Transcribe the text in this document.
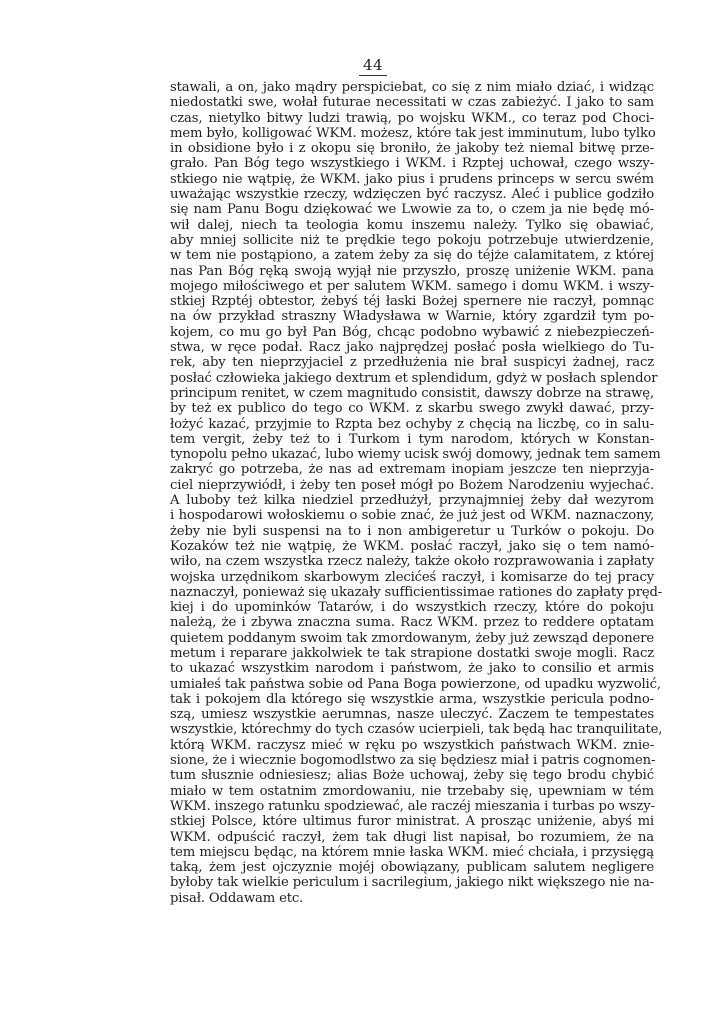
44
stawali, a on, jako mądry perspiciebat, co się z nim miało dziać, i widząc
niedostatki swe, wołał futurae necessitati w czas zabieżyć. I jako to sam
czas, nietylko bitwy ludzi trawią, po wojsku WKM., co teraz pod Choci-
mem było, kolligować WKM. możesz, które tak jest imminutum, lubo tylko
in obsidione było i z okopu się broniło, że jakoby też niemal bitwę prze-
grało. Pan Bóg tego wszystkiego i WKM. i Rzptej uchował, czego wszy-
stkiego nie wątpię, że WKM. jako pius i prudens princeps w sercu swém
uważając wszystkie rzeczy, wdzięczen być raczysz. Aleć i publice godziło
się nam Panu Bogu dziękować we Lwowie za to, o czem ja nie będę mó-
wił dalej, niech ta teologia komu inszemu należy. Tylko się obawiać,
aby mniej sollicite niż te prędkie tego pokoju potrzebuje utwierdzenie,
w tem nie postąpiono, a zatem żeby za się do téjże calamitatem, z której
nas Pan Bóg ręką swoją wyjął nie przyszło, proszę uniżenie WKM. pana
mojego miłościwego et per salutem WKM. samego i domu WKM. i wszy-
stkiej Rzptéj obtestor, żebyś téj łaski Bożej spernere nie raczył, pomnąc
na ów przykład straszny Władysława w Warnie, który zgardził tym po-
kojem, co mu go był Pan Bóg, chcąc podobno wybawić z niebezpieczeń-
stwa, w ręce podał. Racz jako najprędzej posłać posła wielkiego do Tu-
rek, aby ten nieprzyjaciel z przedłużenia nie brał suspicyi żadnej, racz
posłać człowieka jakiego dextrum et splendidum, gdyż w posłach splendor
principum renitet, w czem magnitudo consistit, dawszy dobrze na strawę,
by też ex publico do tego co WKM. z skarbu swego zwykł dawać, przy-
łożyć kazać, przyjmie to Rzpta bez ochyby z chęcią na liczbę, co in salu-
tem vergit, żeby też to i Turkom i tym narodom, których w Konstan-
tynopolu pełno ukazać, lubo wiemy ucisk swój domowy, jednak tem samem
zakryć go potrzeba, że nas ad extremam inopiam jeszcze ten nieprzyja-
ciel nieprzywiódł, i żeby ten poseł mógł po Bożem Narodzeniu wyjechać.
A luboby też kilka niedziel przedłużył, przynajmniej żeby dał wezyrom
i hospodarowi wołoskiemu o sobie znać, że już jest od WKM. naznaczony,
żeby nie byli suspensi na to i non ambigeretur u Turków o pokoju. Do
Kozaków też nie wątpię, że WKM. posłać raczył, jako się o tem namó-
wiło, na czem wszystka rzecz należy, także około rozprawowania i zapłaty
wojska urzędnikom skarbowym zlecićeś raczył, i komisarze do tej pracy
naznaczył, ponieważ się ukazały sufficientissimae rationes do zapłaty pręd-
kiej i do upominków Tatarów, i do wszystkich rzeczy, które do pokoju
należą, że i zbywa znaczna suma. Racz WKM. przez to reddere optatam
quietem poddanym swoim tak zmordowanym, żeby już zewsząd deponere
metum i reparare jakkolwiek te tak strapione dostatki swoje mogli. Racz
to ukazać wszystkim narodom i państwom, że jako to consilio et armis
umiałeś tak państwa sobie od Pana Boga powierzone, od upadku wyzwolić,
tak i pokojem dla którego się wszystkie arma, wszystkie pericula podno-
szą, umiesz wszystkie aerumnas, nasze uleczyć. Zaczem te tempestates
wszystkie, którechmy do tych czasów ucierpieli, tak będą hac tranquilitate,
którą WKM. raczysz mieć w ręku po wszystkich państwach WKM. znie-
sione, że i wiecznie bogomodlstwo za się będziesz miał i patris cognomen-
tum słusznie odniesiesz; alias Boże uchowaj, żeby się tego brodu chybić
miało w tem ostatnim zmordowaniu, nie trzebaby się, upewniam w tém
WKM. inszego ratunku spodziewać, ale raczéj mieszania i turbas po wszy-
stkiej Polsce, które ultimus furor ministrat. A prosząc uniżenie, abyś mi
WKM. odpuścić raczył, żem tak długi list napisał, bo rozumiem, że na
tem miejscu będąc, na którem mnie łaska WKM. mieć chciała, i przysięgą
taką, żem jest ojczyznie mojéj obowiązany, publicam salutem negligere
byłoby tak wielkie periculum i sacrilegium, jakiego nikt większego nie na-
pisał. Oddawam etc.
